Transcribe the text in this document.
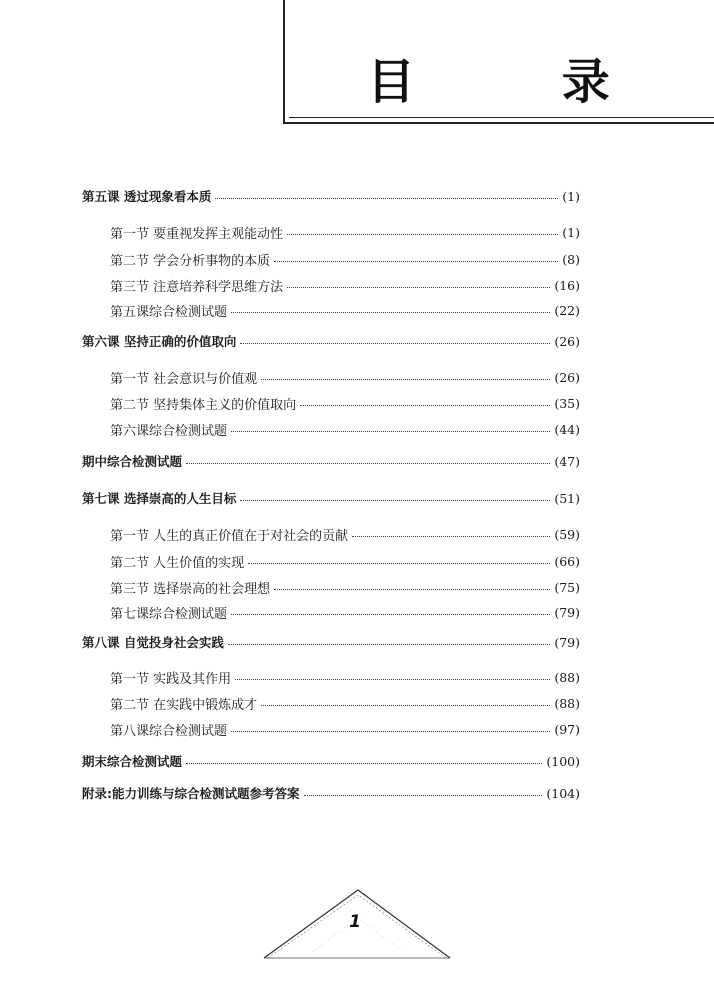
目 录
第五课 透过现象看本质	(1)
第一节 要重视发挥主观能动性	(1)
第二节 学会分析事物的本质	(8)
第三节 注意培养科学思维方法	(16)
第五课综合检测试题	(22)
第六课 坚持正确的价值取向	(26)
第一节 社会意识与价值观	(26)
第二节 坚持集体主义的价值取向	(35)
第六课综合检测试题	(44)
期中综合检测试题	(47)
第七课 选择崇高的人生目标	(51)
第一节 人生的真正价值在于对社会的贡献	(59)
第二节 人生价值的实现	(66)
第三节 选择崇高的社会理想	(75)
第七课综合检测试题	(79)
第八课 自觉投身社会实践	(79)
第一节 实践及其作用	(88)
第二节 在实践中锻炼成才	(88)
第八课综合检测试题	(97)
期末综合检测试题	(100)
附录:能力训练与综合检测试题参考答案	(104)
1
